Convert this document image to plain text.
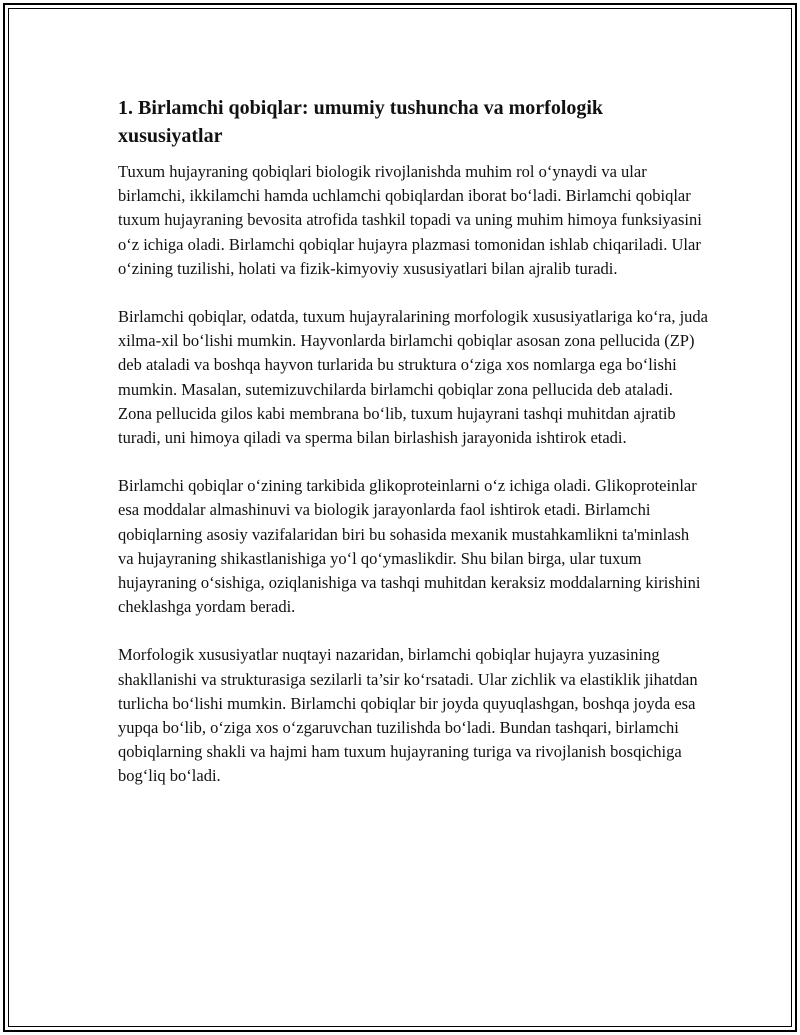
1. Birlamchi qobiqlar: umumiy tushuncha va morfologik xususiyatlar

Tuxum hujayraning qobiqlari biologik rivojlanishda muhim rol oʻynaydi va ular birlamchi, ikkilamchi hamda uchlamchi qobiqlardan iborat boʻladi. Birlamchi qobiqlar tuxum hujayraning bevosita atrofida tashkil topadi va uning muhim himoya funksiyasini oʻz ichiga oladi. Birlamchi qobiqlar hujayra plazmasi tomonidan ishlab chiqariladi. Ular oʻzining tuzilishi, holati va fizik-kimyoviy xususiyatlari bilan ajralib turadi.

Birlamchi qobiqlar, odatda, tuxum hujayralarining morfologik xususiyatlariga koʻra, juda xilma-xil boʻlishi mumkin. Hayvonlarda birlamchi qobiqlar asosan zona pellucida (ZP) deb ataladi va boshqa hayvon turlarida bu struktura oʻziga xos nomlarga ega boʻlishi mumkin. Masalan, sutemizuvchilarda birlamchi qobiqlar zona pellucida deb ataladi. Zona pellucida gilos kabi membrana boʻlib, tuxum hujayrani tashqi muhitdan ajratib turadi, uni himoya qiladi va sperma bilan birlashish jarayonida ishtirok etadi.

Birlamchi qobiqlar oʻzining tarkibida glikoproteinlarni oʻz ichiga oladi. Glikoproteinlar esa moddalar almashinuvi va biologik jarayonlarda faol ishtirok etadi. Birlamchi qobiqlarning asosiy vazifalaridan biri bu sohasida mexanik mustahkamlikni ta'minlash va hujayraning shikastlanishiga yoʻl qoʻymaslikdir. Shu bilan birga, ular tuxum hujayraning oʻsishiga, oziqlanishiga va tashqi muhitdan keraksiz moddalarning kirishini cheklashga yordam beradi.

Morfologik xususiyatlar nuqtayi nazaridan, birlamchi qobiqlar hujayra yuzasining shakllanishi va strukturasiga sezilarli ta’sir koʻrsatadi. Ular zichlik va elastiklik jihatdan turlicha boʻlishi mumkin. Birlamchi qobiqlar bir joyda quyuqlashgan, boshqa joyda esa yupqa boʻlib, oʻziga xos oʻzgaruvchan tuzilishda boʻladi. Bundan tashqari, birlamchi qobiqlarning shakli va hajmi ham tuxum hujayraning turiga va rivojlanish bosqichiga bogʻliq boʻladi.
